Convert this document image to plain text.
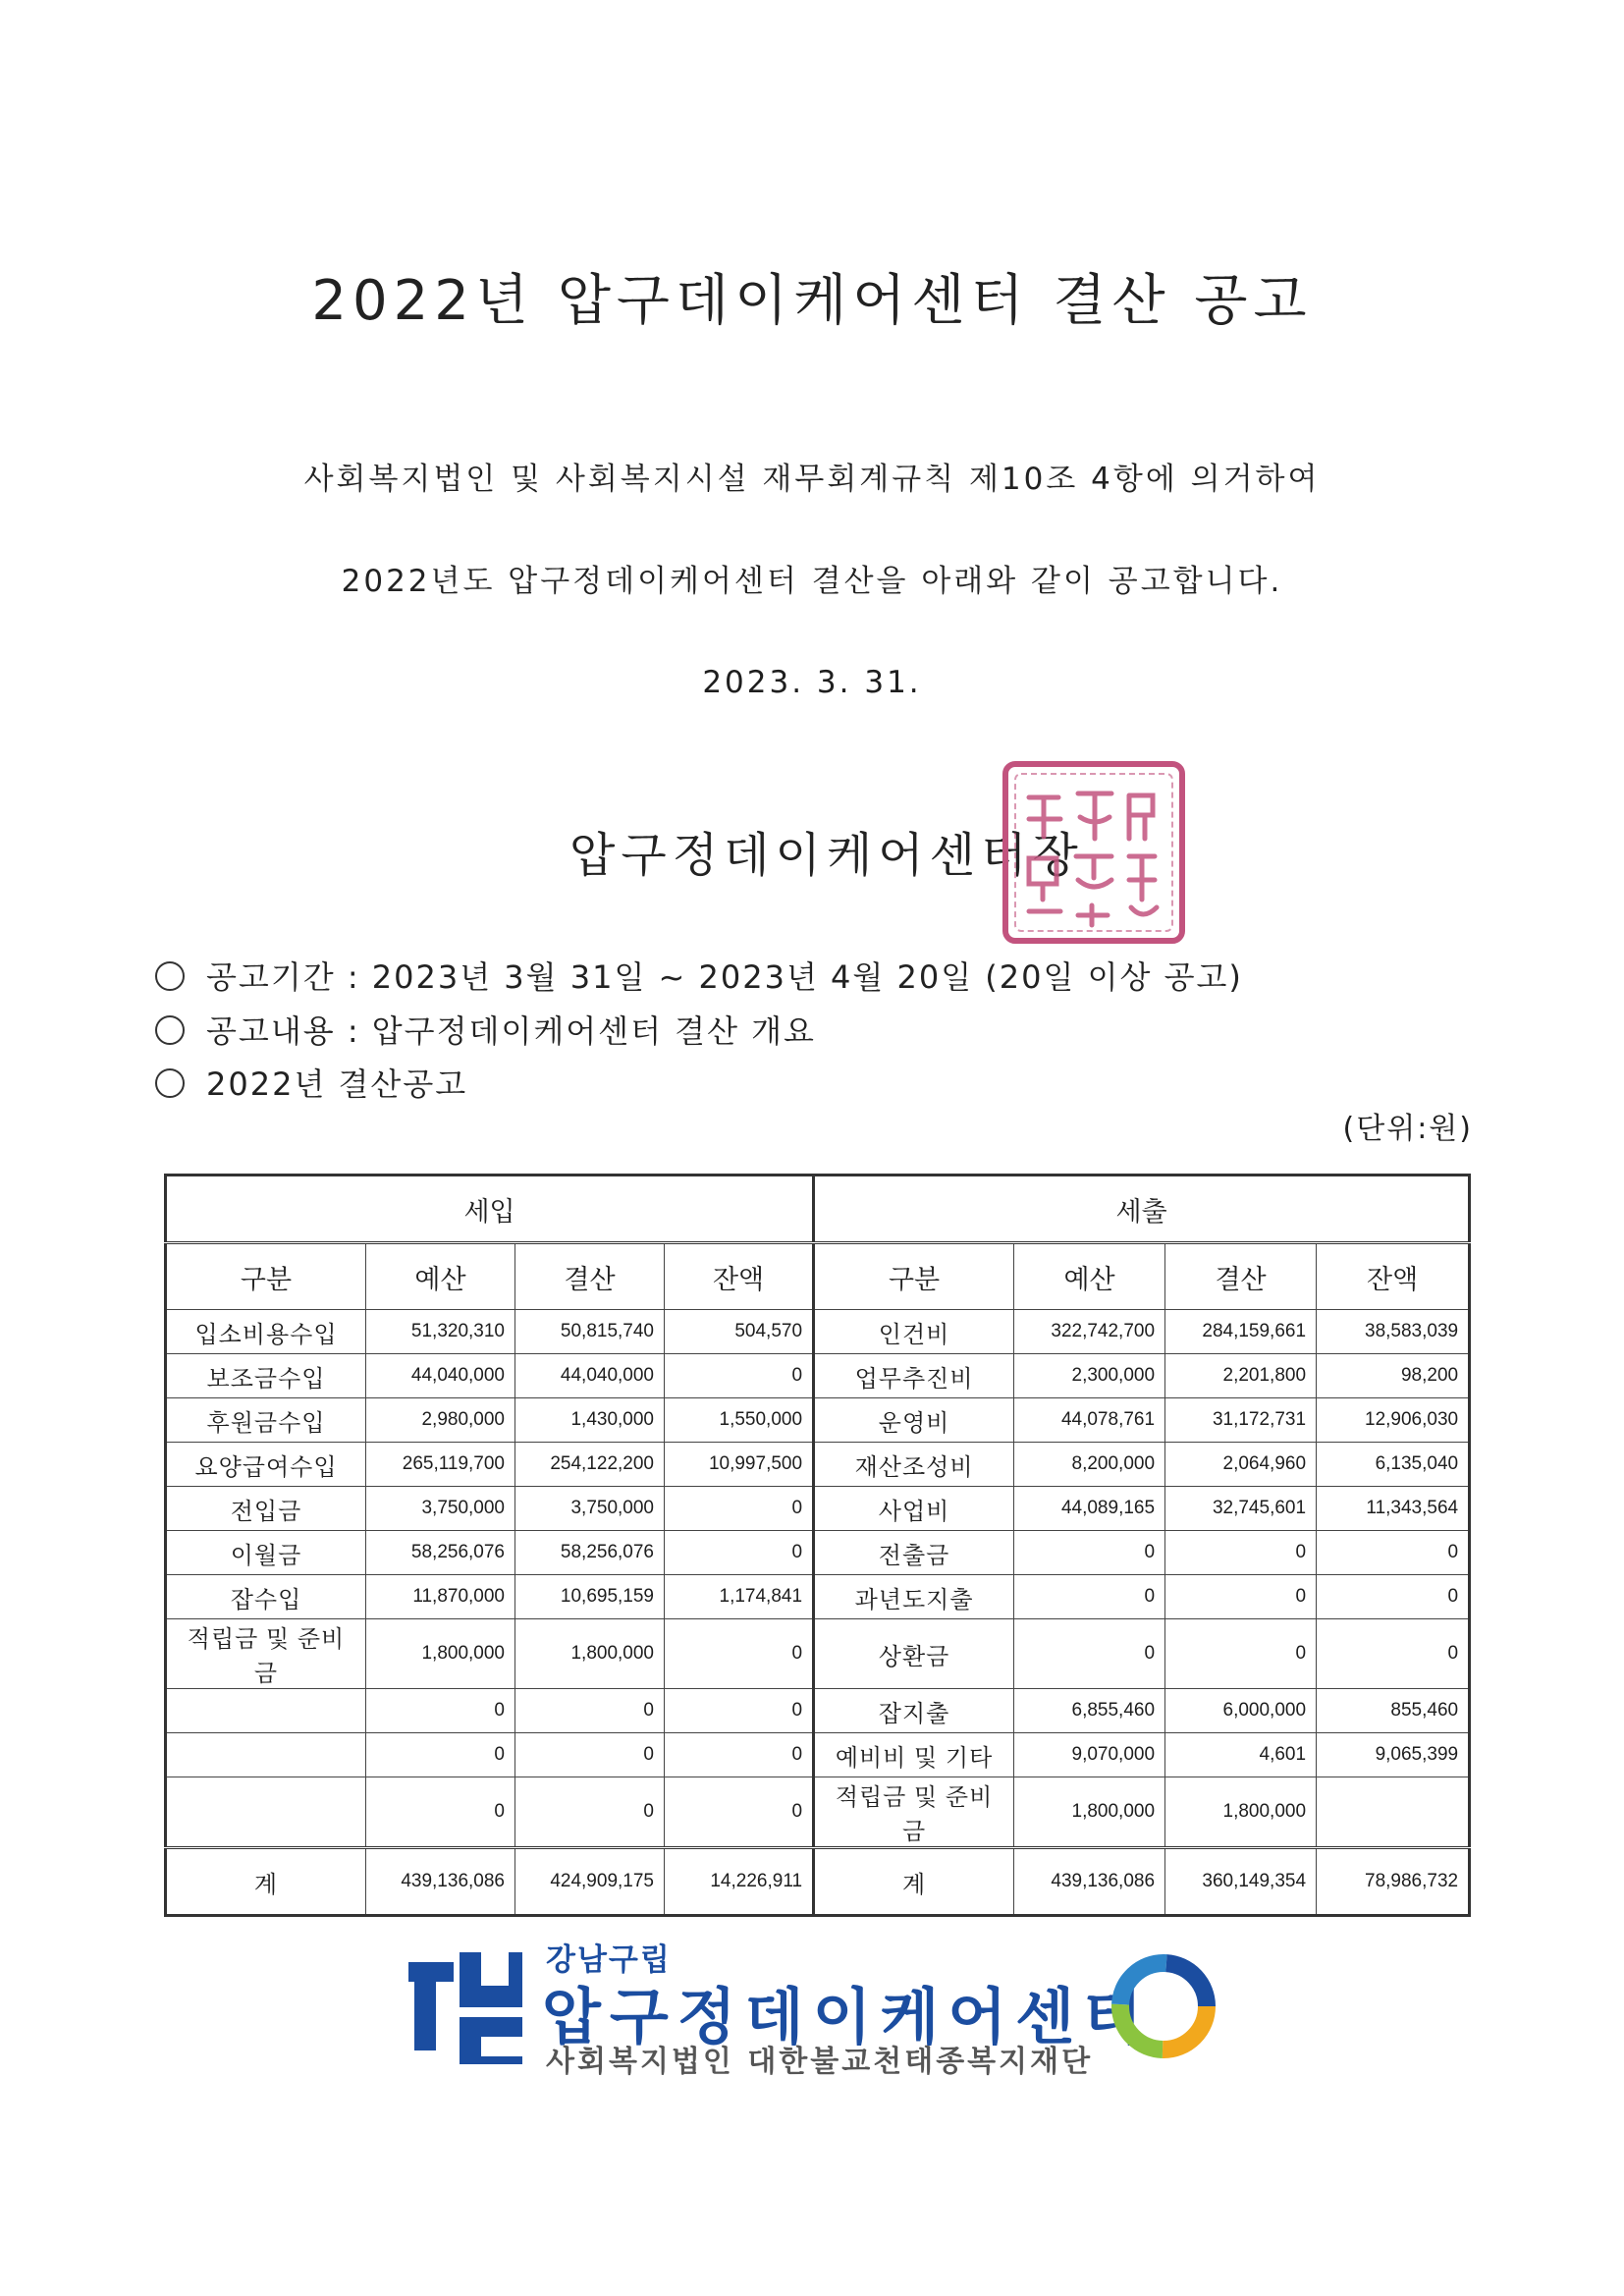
2022년 압구데이케어센터 결산 공고
사회복지법인 및 사회복지시설 재무회계규칙 제10조 4항에 의거하여
2022년도 압구정데이케어센터 결산을 아래와 같이 공고합니다.
2023. 3. 31.
압구정데이케어센터장
공고기간 : 2023년 3월 31일 ~ 2023년 4월 20일 (20일 이상 공고)
공고내용 : 압구정데이케어센터 결산 개요
2022년 결산공고
(단위:원)
세입				세출			
구분	예산	결산	잔액	구분	예산	결산	잔액
입소비용수입	51,320,310	50,815,740	504,570	인건비	322,742,700	284,159,661	38,583,039
보조금수입	44,040,000	44,040,000	0	업무추진비	2,300,000	2,201,800	98,200
후원금수입	2,980,000	1,430,000	1,550,000	운영비	44,078,761	31,172,731	12,906,030
요양급여수입	265,119,700	254,122,200	10,997,500	재산조성비	8,200,000	2,064,960	6,135,040
전입금	3,750,000	3,750,000	0	사업비	44,089,165	32,745,601	11,343,564
이월금	58,256,076	58,256,076	0	전출금	0	0	0
잡수입	11,870,000	10,695,159	1,174,841	과년도지출	0	0	0
적립금 및 준비금	1,800,000	1,800,000	0	상환금	0	0	0
	0	0	0	잡지출	6,855,460	6,000,000	855,460
	0	0	0	예비비 및 기타	9,070,000	4,601	9,065,399
	0	0	0	적립금 및 준비금	1,800,000	1,800,000	
계	439,136,086	424,909,175	14,226,911	계	439,136,086	360,149,354	78,986,732
강남구립
압구정데이케어센터
사회복지법인 대한불교천태종복지재단
